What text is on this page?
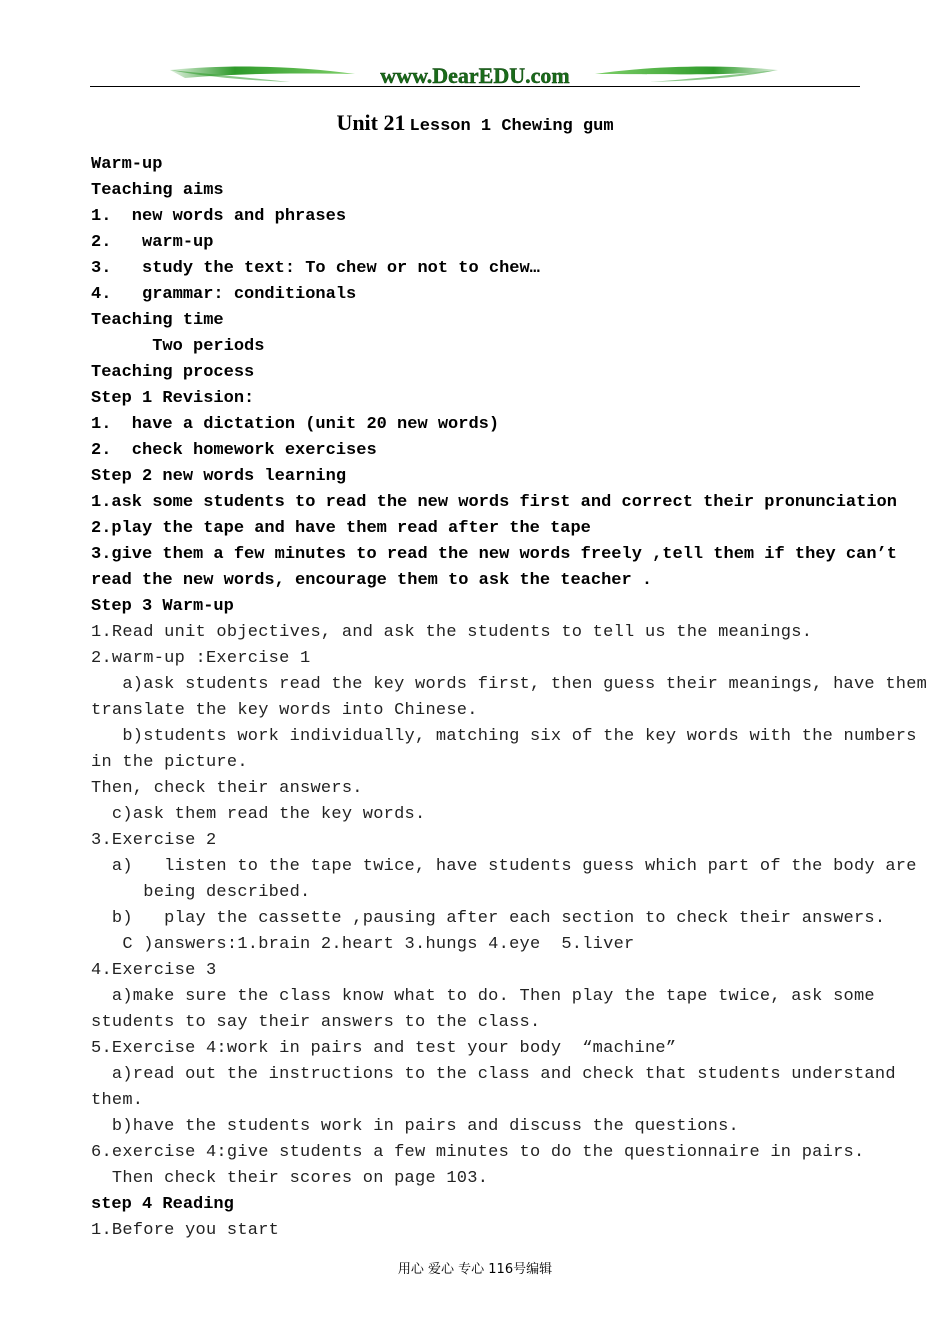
www.DearEDU.com
Unit 21 Lesson 1 Chewing gum
Warm-up
Teaching aims
1.  new words and phrases
2.   warm-up
3.   study the text: To chew or not to chew…
4.   grammar: conditionals
Teaching time
Two periods
Teaching process
Step 1 Revision:
1.  have a dictation (unit 20 new words)
2.  check homework exercises
Step 2 new words learning
1.ask some students to read the new words first and correct their pronunciation
2.play the tape and have them read after the tape
3.give them a few minutes to read the new words freely ,tell them if they can’t
read the new words, encourage them to ask the teacher .
Step 3 Warm-up
1.Read unit objectives, and ask the students to tell us the meanings.
2.warm-up :Exercise 1
a)ask students read the key words first, then guess their meanings, have them
translate the key words into Chinese.
b)students work individually, matching six of the key words with the numbers
in the picture.
Then, check their answers.
c)ask them read the key words.
3.Exercise 2
a)   listen to the tape twice, have students guess which part of the body are
being described.
b)   play the cassette ,pausing after each section to check their answers.
C )answers:1.brain 2.heart 3.hungs 4.eye  5.liver
4.Exercise 3
a)make sure the class know what to do. Then play the tape twice, ask some
students to say their answers to the class.
5.Exercise 4:work in pairs and test your body  “machine”
a)read out the instructions to the class and check that students understand
them.
b)have the students work in pairs and discuss the questions.
6.exercise 4:give students a few minutes to do the questionnaire in pairs.
Then check their scores on page 103.
step 4 Reading
1.Before you start
用心 爱心 专心 116号编辑
